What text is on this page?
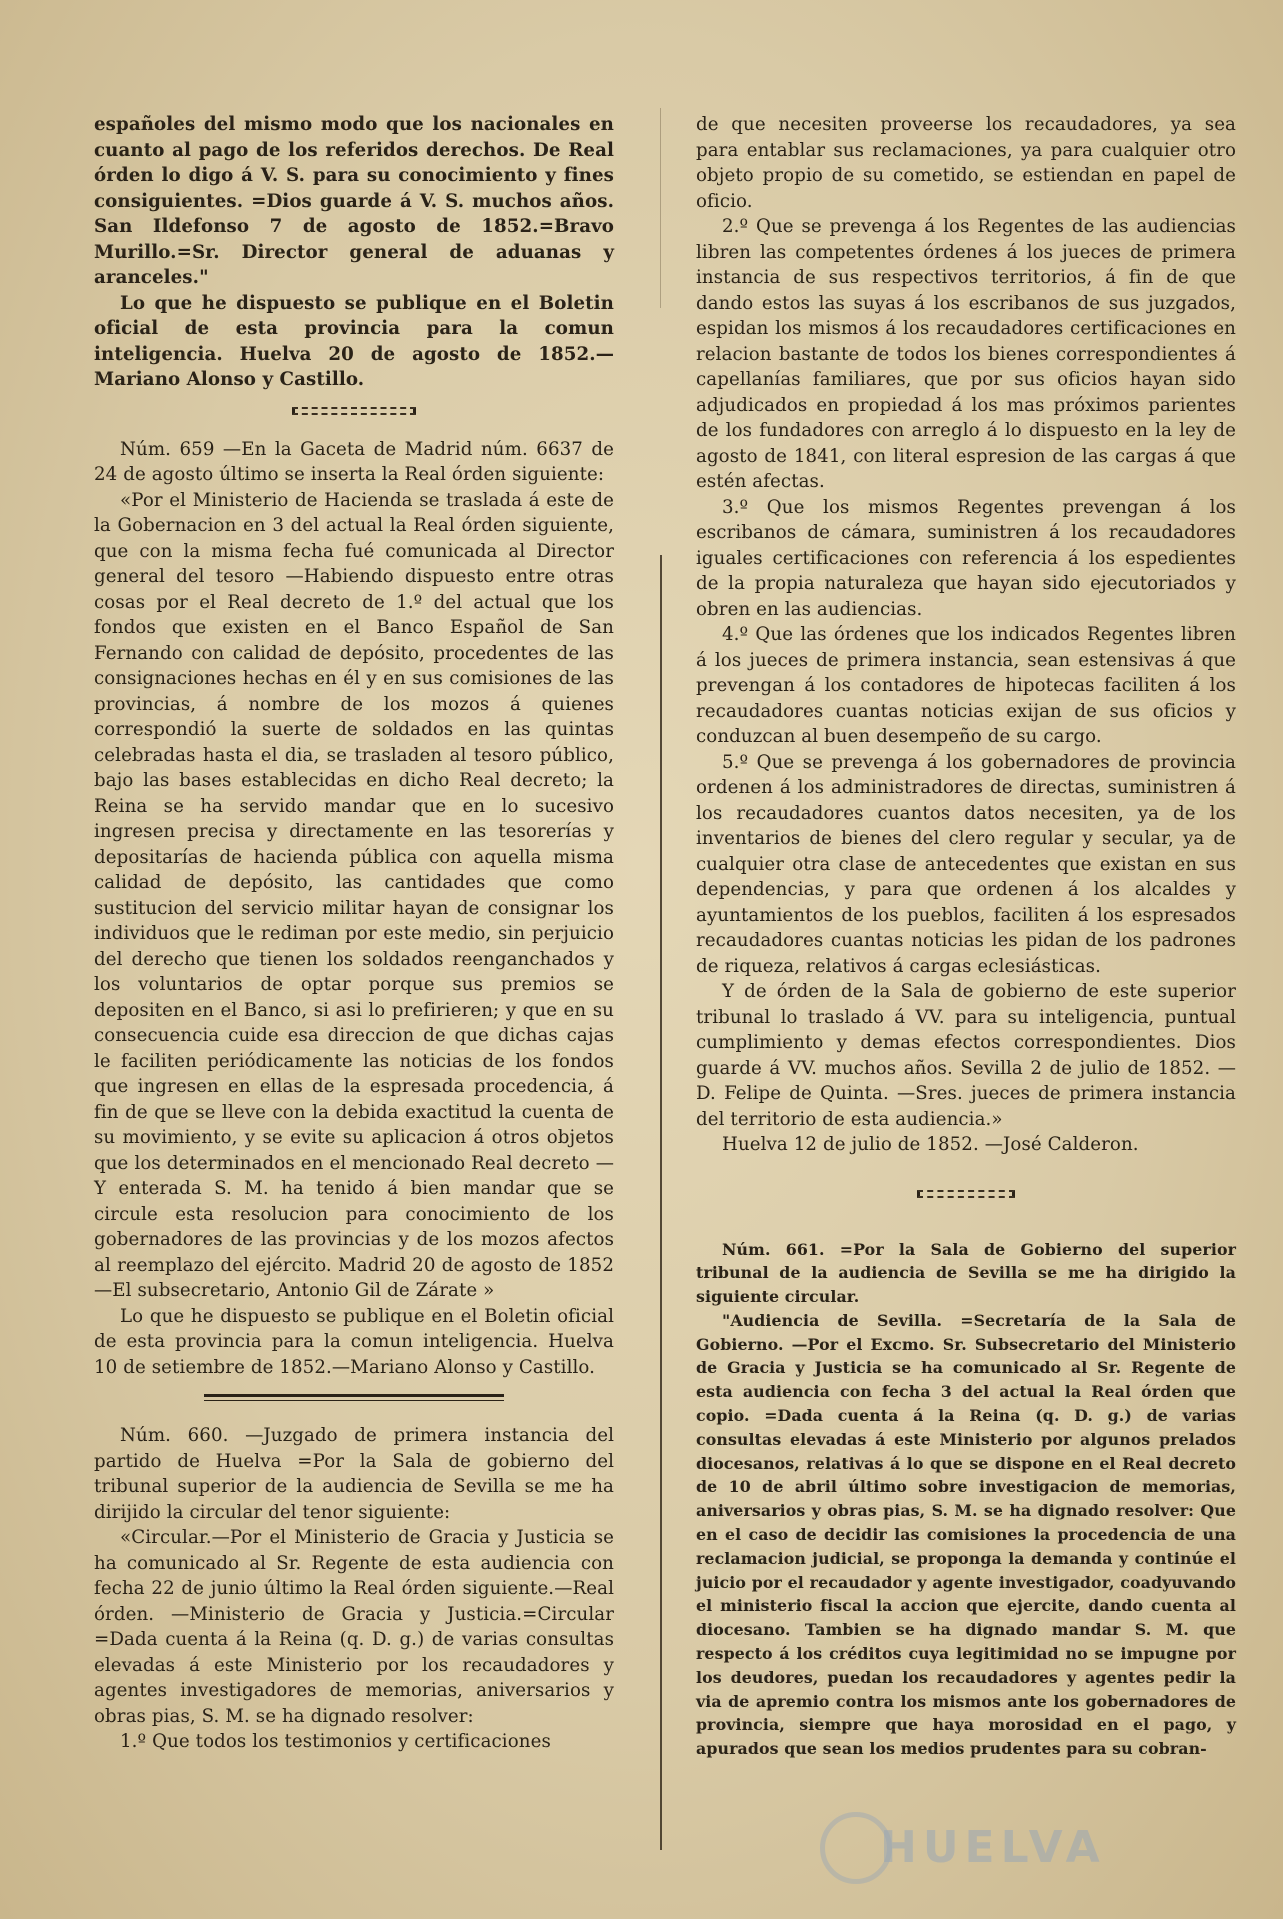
españoles del mismo modo que los nacionales en cuanto al pago de los referidos derechos. De Real órden lo digo á V. S. para su conocimiento y fines consiguientes. =Dios guarde á V. S. muchos años. San Ildefonso 7 de agosto de 1852.=Bravo Murillo.=Sr. Director general de aduanas y aranceles."

Lo que he dispuesto se publique en el Boletin oficial de esta provincia para la comun inteligencia. Huelva 20 de agosto de 1852.—Mariano Alonso y Castillo.

Núm. 659 —En la Gaceta de Madrid núm. 6637 de 24 de agosto último se inserta la Real órden siguiente:

«Por el Ministerio de Hacienda se traslada á este de la Gobernacion en 3 del actual la Real órden siguiente, que con la misma fecha fué comunicada al Director general del tesoro —Habiendo dispuesto entre otras cosas por el Real decreto de 1.º del actual que los fondos que existen en el Banco Español de San Fernando con calidad de depósito, procedentes de las consignaciones hechas en él y en sus comisiones de las provincias, á nombre de los mozos á quienes correspondió la suerte de soldados en las quintas celebradas hasta el dia, se trasladen al tesoro público, bajo las bases establecidas en dicho Real decreto; la Reina se ha servido mandar que en lo sucesivo ingresen precisa y directamente en las tesorerías y depositarías de hacienda pública con aquella misma calidad de depósito, las cantidades que como sustitucion del servicio militar hayan de consignar los individuos que le rediman por este medio, sin perjuicio del derecho que tienen los soldados reenganchados y los voluntarios de optar porque sus premios se depositen en el Banco, si asi lo prefirieren; y que en su consecuencia cuide esa direccion de que dichas cajas le faciliten periódicamente las noticias de los fondos que ingresen en ellas de la espresada procedencia, á fin de que se lleve con la debida exactitud la cuenta de su movimiento, y se evite su aplicacion á otros objetos que los determinados en el mencionado Real decreto —Y enterada S. M. ha tenido á bien mandar que se circule esta resolucion para conocimiento de los gobernadores de las provincias y de los mozos afectos al reemplazo del ejército. Madrid 20 de agosto de 1852 —El subsecretario, Antonio Gil de Zárate »

Lo que he dispuesto se publique en el Boletin oficial de esta provincia para la comun inteligencia. Huelva 10 de setiembre de 1852.—Mariano Alonso y Castillo.

Núm. 660. —Juzgado de primera instancia del partido de Huelva =Por la Sala de gobierno del tribunal superior de la audiencia de Sevilla se me ha dirijido la circular del tenor siguiente:

«Circular.—Por el Ministerio de Gracia y Justicia se ha comunicado al Sr. Regente de esta audiencia con fecha 22 de junio último la Real órden siguiente.—Real órden. —Ministerio de Gracia y Justicia.=Circular =Dada cuenta á la Reina (q. D. g.) de varias consultas elevadas á este Ministerio por los recaudadores y agentes investigadores de memorias, aniversarios y obras pias, S. M. se ha dignado resolver:

1.º Que todos los testimonios y certificaciones

de que necesiten proveerse los recaudadores, ya sea para entablar sus reclamaciones, ya para cualquier otro objeto propio de su cometido, se estiendan en papel de oficio.

2.º Que se prevenga á los Regentes de las audiencias libren las competentes órdenes á los jueces de primera instancia de sus respectivos territorios, á fin de que dando estos las suyas á los escribanos de sus juzgados, espidan los mismos á los recaudadores certificaciones en relacion bastante de todos los bienes correspondientes á capellanías familiares, que por sus oficios hayan sido adjudicados en propiedad á los mas próximos parientes de los fundadores con arreglo á lo dispuesto en la ley de agosto de 1841, con literal espresion de las cargas á que estén afectas.

3.º Que los mismos Regentes prevengan á los escribanos de cámara, suministren á los recaudadores iguales certificaciones con referencia á los espedientes de la propia naturaleza que hayan sido ejecutoriados y obren en las audiencias.

4.º Que las órdenes que los indicados Regentes libren á los jueces de primera instancia, sean estensivas á que prevengan á los contadores de hipotecas faciliten á los recaudadores cuantas noticias exijan de sus oficios y conduzcan al buen desempeño de su cargo.

5.º Que se prevenga á los gobernadores de provincia ordenen á los administradores de directas, suministren á los recaudadores cuantos datos necesiten, ya de los inventarios de bienes del clero regular y secular, ya de cualquier otra clase de antecedentes que existan en sus dependencias, y para que ordenen á los alcaldes y ayuntamientos de los pueblos, faciliten á los espresados recaudadores cuantas noticias les pidan de los padrones de riqueza, relativos á cargas eclesiásticas.

Y de órden de la Sala de gobierno de este superior tribunal lo traslado á VV. para su inteligencia, puntual cumplimiento y demas efectos correspondientes. Dios guarde á VV. muchos años. Sevilla 2 de julio de 1852. —D. Felipe de Quinta. —Sres. jueces de primera instancia del territorio de esta audiencia.»

Huelva 12 de julio de 1852. —José Calderon.

Núm. 661. =Por la Sala de Gobierno del superior tribunal de la audiencia de Sevilla se me ha dirigido la siguiente circular.

"Audiencia de Sevilla. =Secretaría de la Sala de Gobierno. —Por el Excmo. Sr. Subsecretario del Ministerio de Gracia y Justicia se ha comunicado al Sr. Regente de esta audiencia con fecha 3 del actual la Real órden que copio. =Dada cuenta á la Reina (q. D. g.) de varias consultas elevadas á este Ministerio por algunos prelados diocesanos, relativas á lo que se dispone en el Real decreto de 10 de abril último sobre investigacion de memorias, aniversarios y obras pias, S. M. se ha dignado resolver: Que en el caso de decidir las comisiones la procedencia de una reclamacion judicial, se proponga la demanda y continúe el juicio por el recaudador y agente investigador, coadyuvando el ministerio fiscal la accion que ejercite, dando cuenta al diocesano. Tambien se ha dignado mandar S. M. que respecto á los créditos cuya legitimidad no se impugne por los deudores, puedan los recaudadores y agentes pedir la via de apremio contra los mismos ante los gobernadores de provincia, siempre que haya morosidad en el pago, y apurados que sean los medios prudentes para su cobran-

HUELVA
